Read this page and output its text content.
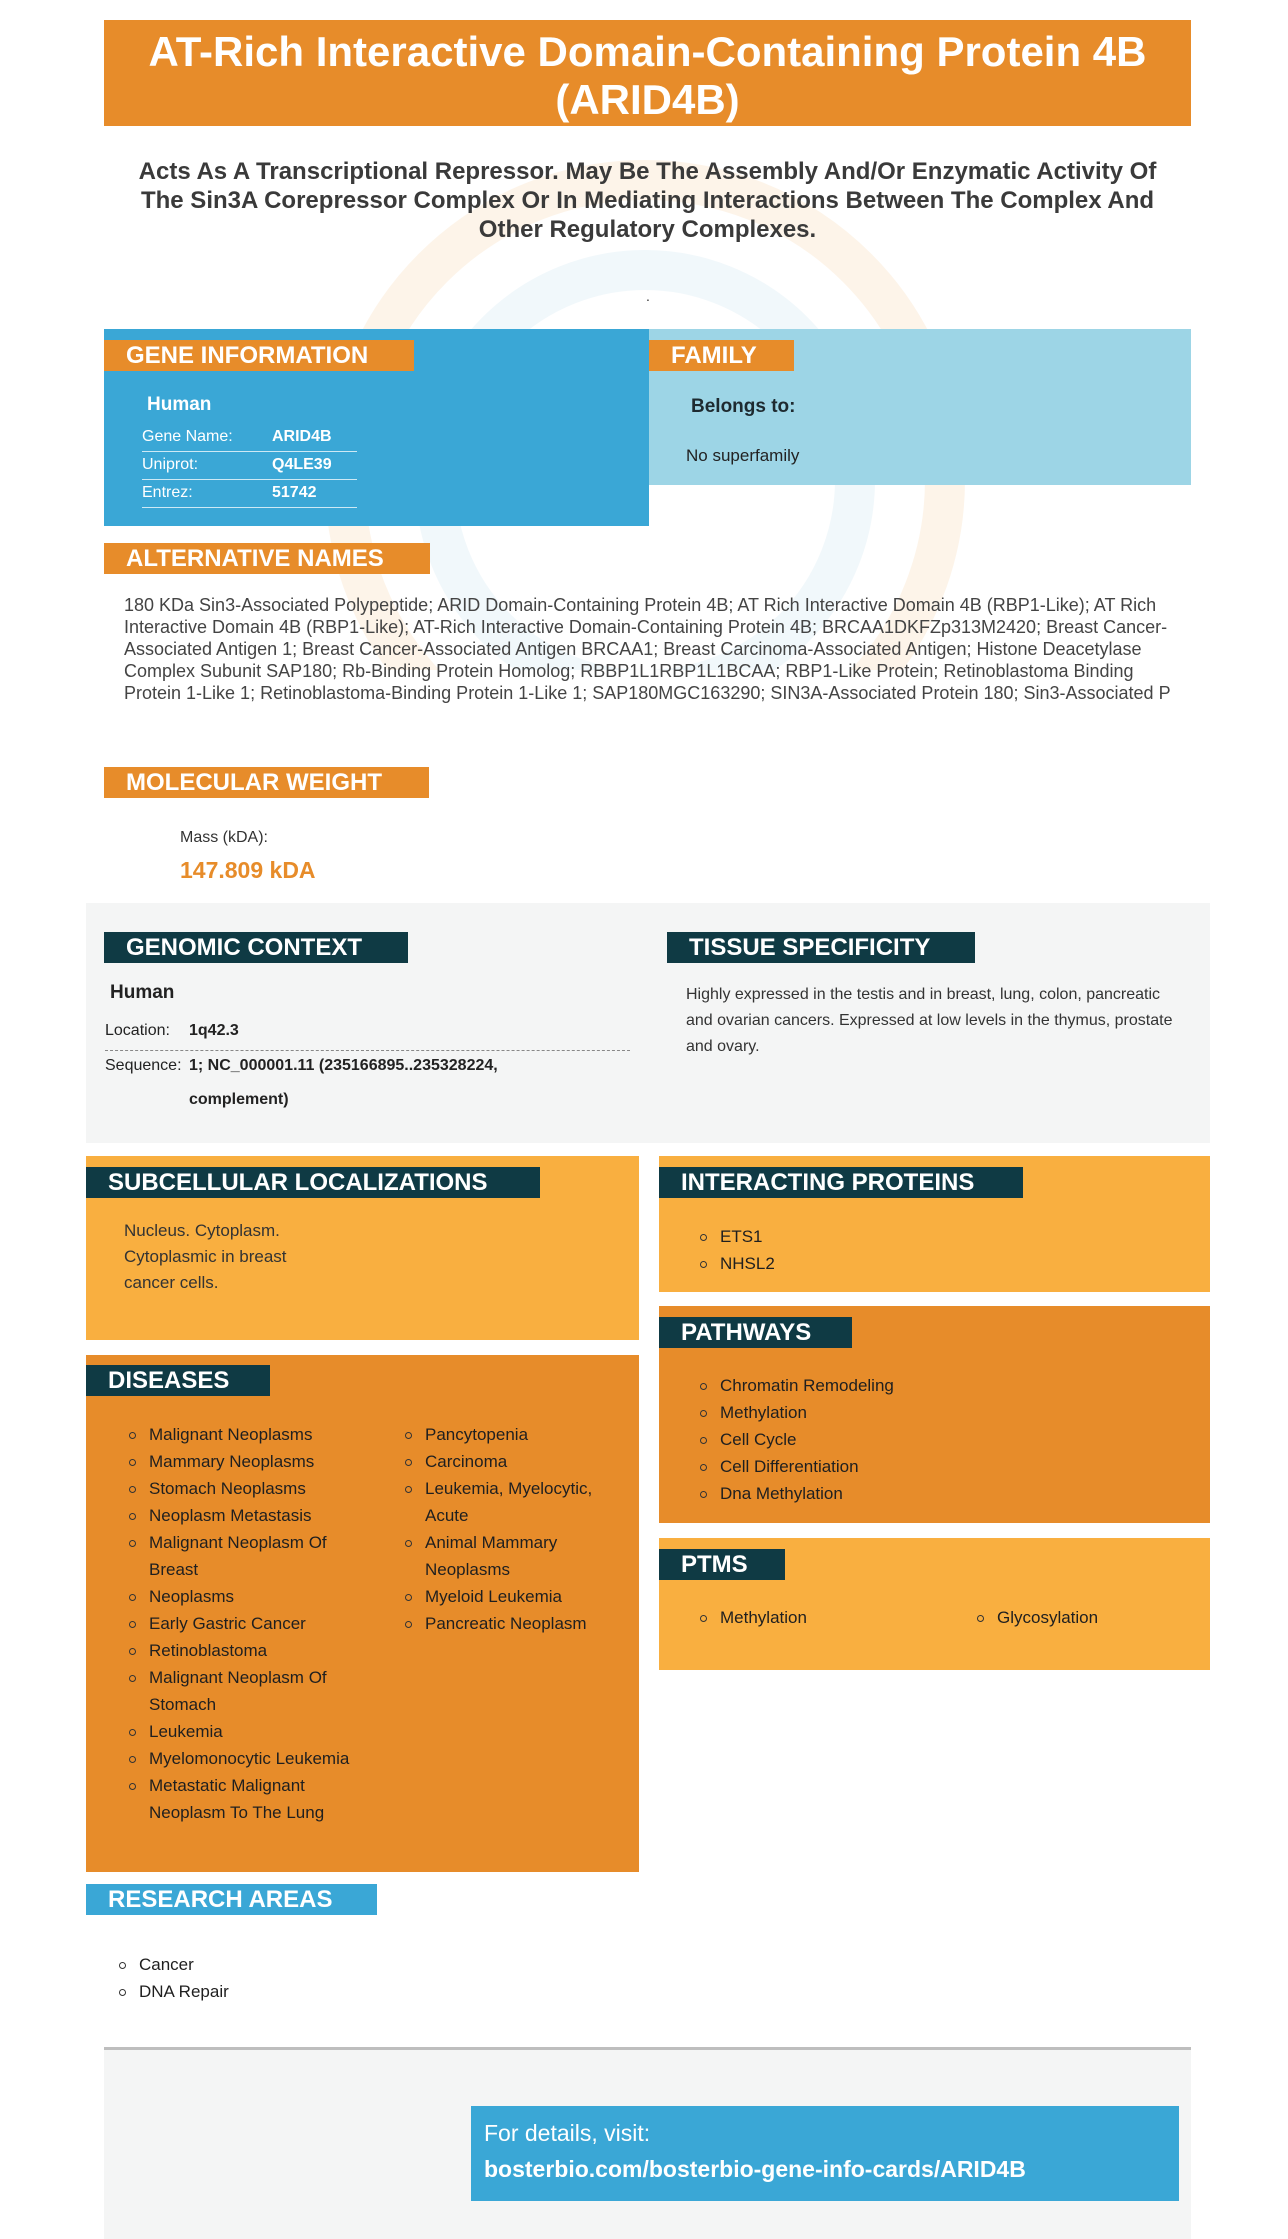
AT-Rich Interactive Domain-Containing Protein 4B (ARID4B)
Acts As A Transcriptional Repressor. May Be The Assembly And/Or Enzymatic Activity Of The Sin3A Corepressor Complex Or In Mediating Interactions Between The Complex And Other Regulatory Complexes.
.
GENE INFORMATION
Human
Gene Name: ARID4B
Uniprot:	Q4LE39
Entrez:	51742
FAMILY
Belongs to:
No superfamily
ALTERNATIVE NAMES
180 KDa Sin3-Associated Polypeptide; ARID Domain-Containing Protein 4B; AT Rich Interactive Domain 4B (RBP1-Like); AT Rich Interactive Domain 4B (RBP1-Like); AT-Rich Interactive Domain-Containing Protein 4B; BRCAA1DKFZp313M2420; Breast Cancer-Associated Antigen 1; Breast Cancer-Associated Antigen BRCAA1; Breast Carcinoma-Associated Antigen; Histone Deacetylase Complex Subunit SAP180; Rb-Binding Protein Homolog; RBBP1L1RBP1L1BCAA; RBP1-Like Protein; Retinoblastoma Binding Protein 1-Like 1; Retinoblastoma-Binding Protein 1-Like 1; SAP180MGC163290; SIN3A-Associated Protein 180; Sin3-Associated P
MOLECULAR WEIGHT
Mass (kDA):
147.809 kDA
GENOMIC CONTEXT
Human
Location: 1q42.3
Sequence: 1; NC_000001.11 (235166895..235328224,
complement)
TISSUE SPECIFICITY
Highly expressed in the testis and in breast, lung, colon, pancreatic and ovarian cancers. Expressed at low levels in the thymus, prostate and ovary.
SUBCELLULAR LOCALIZATIONS
Nucleus. Cytoplasm.
Cytoplasmic in breast
cancer cells.
INTERACTING PROTEINS
ETS1
NHSL2
PATHWAYS
Chromatin Remodeling
Methylation
Cell Cycle
Cell Differentiation
Dna Methylation
PTMS
Methylation	Glycosylation
DISEASES
Malignant Neoplasms
Mammary Neoplasms
Stomach Neoplasms
Neoplasm Metastasis
Malignant Neoplasm Of Breast
Neoplasms
Early Gastric Cancer
Retinoblastoma
Malignant Neoplasm Of Stomach
Leukemia
Myelomonocytic Leukemia
Metastatic Malignant Neoplasm To The Lung
Pancytopenia
Carcinoma
Leukemia, Myelocytic, Acute
Animal Mammary Neoplasms
Myeloid Leukemia
Pancreatic Neoplasm
RESEARCH AREAS
Cancer
DNA Repair
For details, visit:
bosterbio.com/bosterbio-gene-info-cards/ARID4B
